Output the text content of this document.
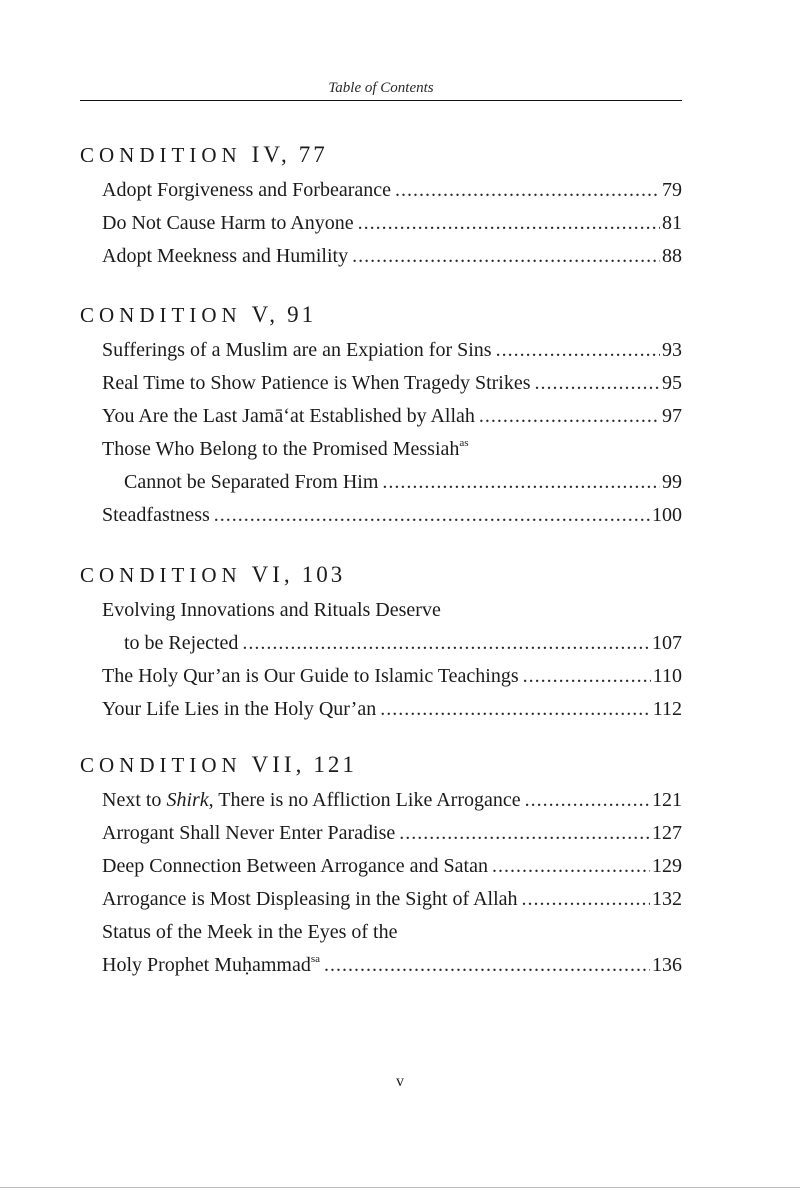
Table of Contents
CONDITION IV, 77
Adopt Forgiveness and Forbearance .....	79
Do Not Cause Harm to Anyone .....	81
Adopt Meekness and Humility .....	88
CONDITION V, 91
Sufferings of a Muslim are an Expiation for Sins .....	93
Real Time to Show Patience is When Tragedy Strikes .....	95
You Are the Last Jamā‘at Established by Allah .....	97
Those Who Belong to the Promised Messiah$^{as}$
Cannot be Separated From Him .....	99
Steadfastness .....	100
CONDITION VI, 103
Evolving Innovations and Rituals Deserve
to be Rejected .....	107
The Holy Qur’an is Our Guide to Islamic Teachings .....	110
Your Life Lies in the Holy Qur’an .....	112
CONDITION VII, 121
Next to Shirk, There is no Affliction Like Arrogance .....	121
Arrogant Shall Never Enter Paradise .....	127
Deep Connection Between Arrogance and Satan .....	129
Arrogance is Most Displeasing in the Sight of Allah .....	132
Status of the Meek in the Eyes of the
Holy Prophet Muḥammad$^{sa}$ .....	136
v
